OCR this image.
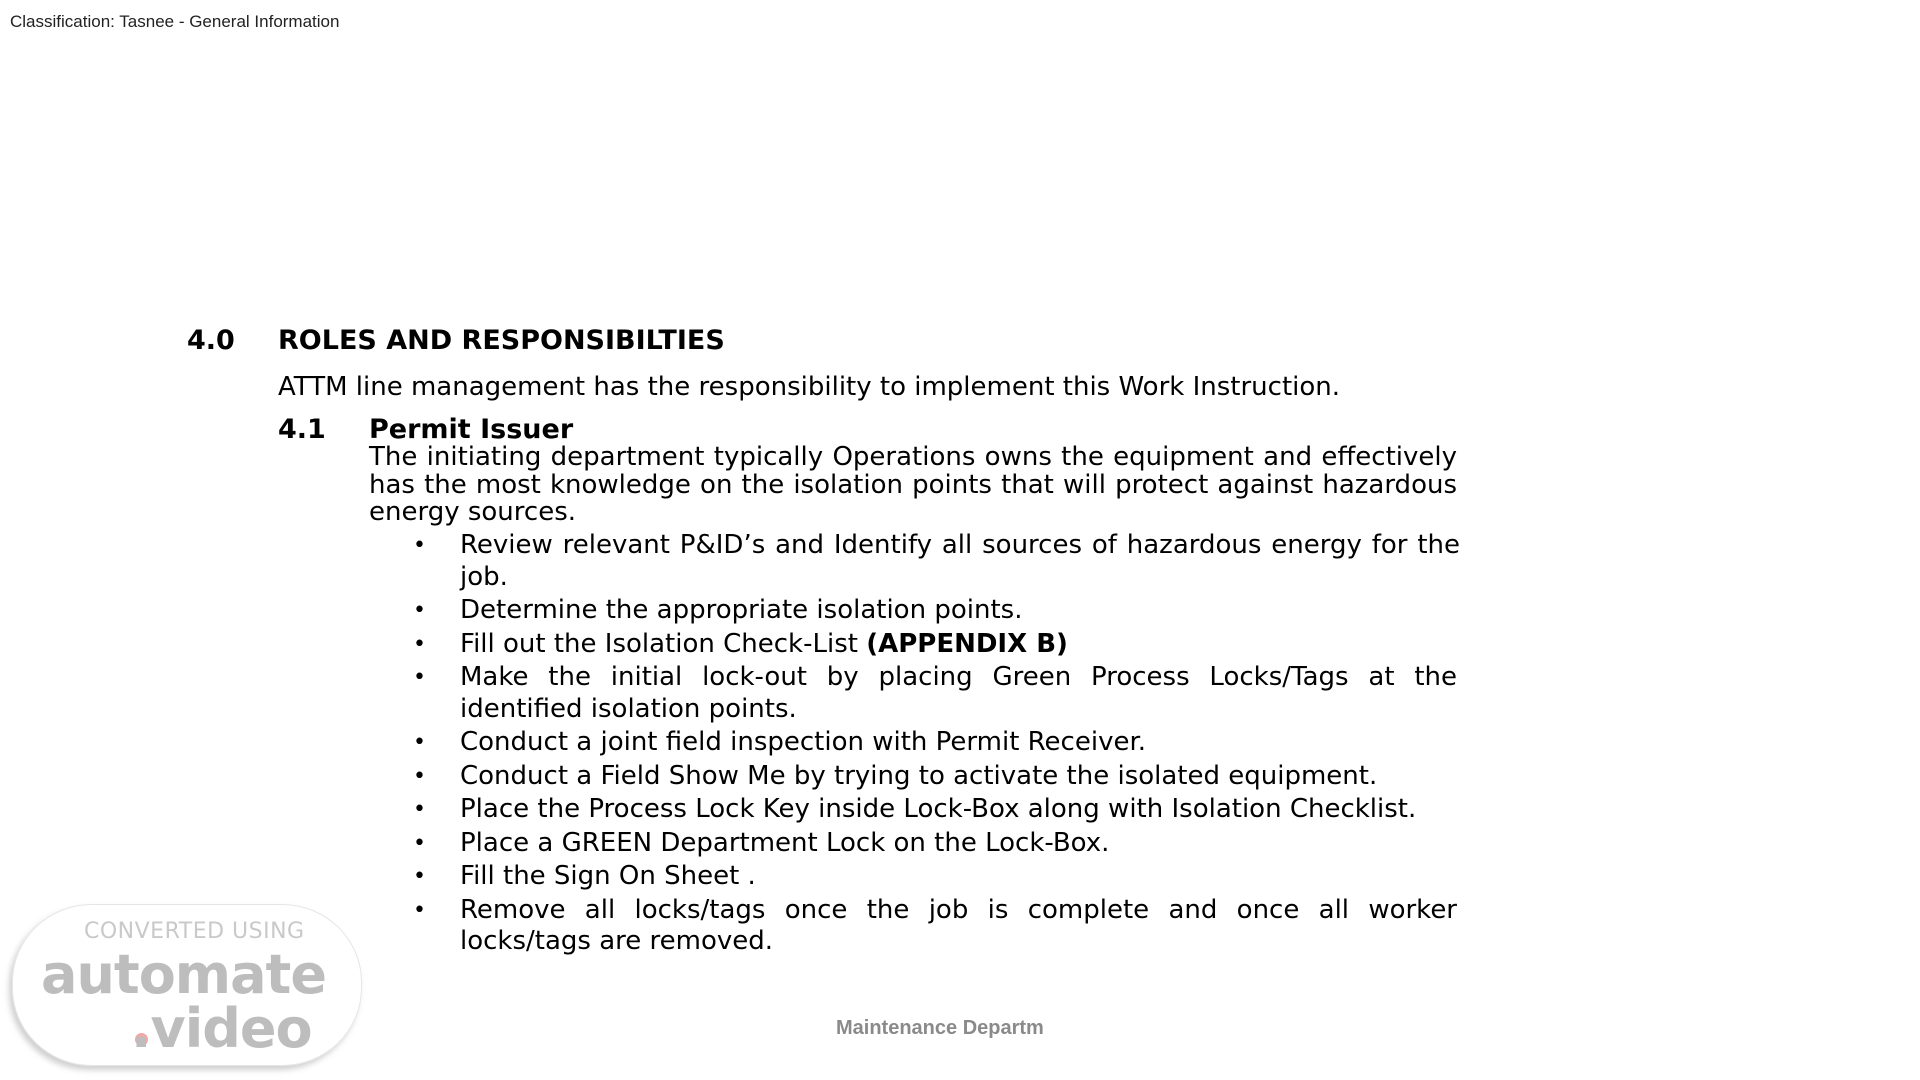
Classification: Tasnee - General Information
4.0	ROLES AND RESPONSIBILTIES
ATTM line management has the responsibility to implement this Work Instruction.
4.1	Permit Issuer
The initiating department typically Operations owns the equipment and effectively has the most knowledge on the isolation points that will protect against hazardous energy sources.
• Review relevant P&ID’s and Identify all sources of hazardous energy for the job.
• Determine the appropriate isolation points.
• Fill out the Isolation Check-List (APPENDIX B)
• Make the initial lock-out by placing Green Process Locks/Tags at the identified isolation points.
• Conduct a joint field inspection with Permit Receiver.
• Conduct a Field Show Me by trying to activate the isolated equipment.
• Place the Process Lock Key inside Lock-Box along with Isolation Checklist.
• Place a GREEN Department Lock on the Lock-Box.
• Fill the Sign On Sheet .
• Remove all locks/tags once the job is complete and once all worker locks/tags are removed.
Maintenance Departm
CONVERTED USING
automate
.video
